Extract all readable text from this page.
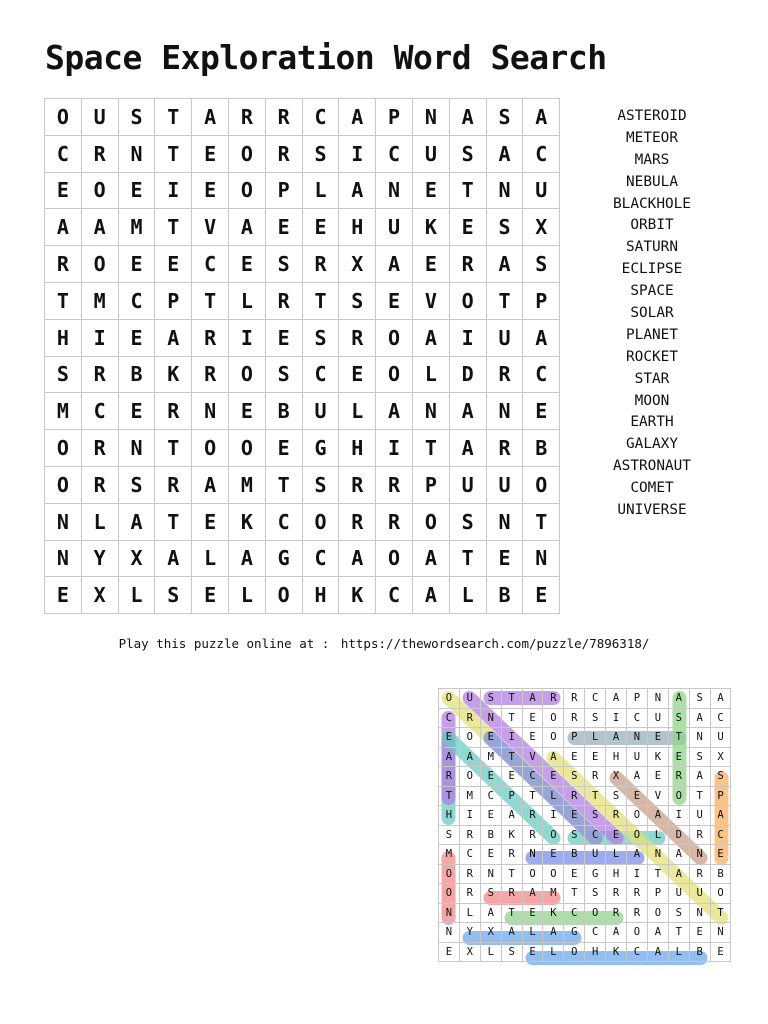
Space Exploration Word Search
O	U	S	T	A	R	R	C	A	P	N	A	S	A
C	R	N	T	E	O	R	S	I	C	U	S	A	C
E	O	E	I	E	O	P	L	A	N	E	T	N	U
A	A	M	T	V	A	E	E	H	U	K	E	S	X
R	O	E	E	C	E	S	R	X	A	E	R	A	S
T	M	C	P	T	L	R	T	S	E	V	O	T	P
H	I	E	A	R	I	E	S	R	O	A	I	U	A
S	R	B	K	R	O	S	C	E	O	L	D	R	C
M	C	E	R	N	E	B	U	L	A	N	A	N	E
O	R	N	T	O	O	E	G	H	I	T	A	R	B
O	R	S	R	A	M	T	S	R	R	P	U	U	O
N	L	A	T	E	K	C	O	R	R	O	S	N	T
N	Y	X	A	L	A	G	C	A	O	A	T	E	N
E	X	L	S	E	L	O	H	K	C	A	L	B	E
ASTEROID
METEOR
MARS
NEBULA
BLACKHOLE
ORBIT
SATURN
ECLIPSE
SPACE
SOLAR
PLANET
ROCKET
STAR
MOON
EARTH
GALAXY
ASTRONAUT
COMET
UNIVERSE
Play this puzzle online at : https://thewordsearch.com/puzzle/7896318/
O	U	S	T	A	R	R	C	A	P	N	A	S	A
C	R	N	T	E	O	R	S	I	C	U	S	A	C
E	O	E	I	E	O	P	L	A	N	E	T	N	U
A	A	M	T	V	A	E	E	H	U	K	E	S	X
R	O	E	E	C	E	S	R	X	A	E	R	A	S
T	M	C	P	T	L	R	T	S	E	V	O	T	P
H	I	E	A	R	I	E	S	R	O	A	I	U	A
S	R	B	K	R	O	S	C	E	O	L	D	R	C
M	C	E	R	N	E	B	U	L	A	N	A	N	E
O	R	N	T	O	O	E	G	H	I	T	A	R	B
O	R	S	R	A	M	T	S	R	R	P	U	U	O
N	L	A	T	E	K	C	O	R	R	O	S	N	T
N	Y	X	A	L	A	G	C	A	O	A	T	E	N
E	X	L	S	E	L	O	H	K	C	A	L	B	E
